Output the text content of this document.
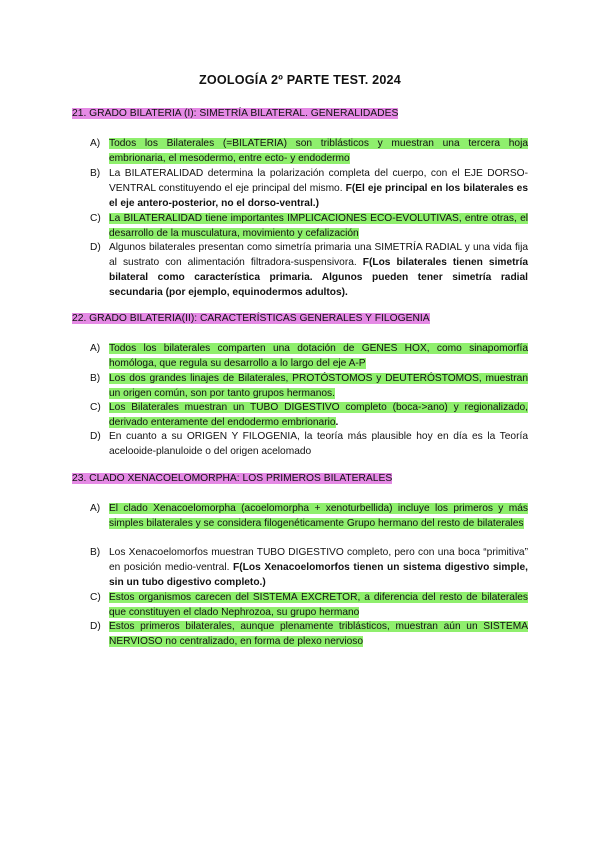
ZOOLOGÍA 2º PARTE TEST. 2024
21. GRADO BILATERIA (I): SIMETRÍA BILATERAL. GENERALIDADES
A) Todos los Bilaterales (=BILATERIA) son triblásticos y muestran una tercera hoja embrionaria, el mesodermo, entre ecto- y endodermo
B) La BILATERALIDAD determina la polarización completa del cuerpo, con el EJE DORSO- VENTRAL constituyendo el eje principal del mismo. F(El eje principal en los bilaterales es el eje antero-posterior, no el dorso-ventral.)
C) La BILATERALIDAD tiene importantes IMPLICACIONES ECO-EVOLUTIVAS, entre otras, el desarrollo de la musculatura, movimiento y cefalización
D) Algunos bilaterales presentan como simetría primaria una SIMETRÍA RADIAL y una vida fija al sustrato con alimentación filtradora-suspensivora. F(Los bilaterales tienen simetría bilateral como característica primaria. Algunos pueden tener simetría radial secundaria (por ejemplo, equinodermos adultos).
22. GRADO BILATERIA(II): CARACTERÍSTICAS GENERALES Y FILOGENIA
A) Todos los bilaterales comparten una dotación de GENES HOX, como sinapomorfía homóloga, que regula su desarrollo a lo largo del eje A-P
B) Los dos grandes linajes de Bilaterales, PROTÓSTOMOS y DEUTERÓSTOMOS, muestran un origen común, son por tanto grupos hermanos.
C) Los Bilaterales muestran un TUBO DIGESTIVO completo (boca->ano) y regionalizado, derivado enteramente del endodermo embrionario.
D) En cuanto a su ORIGEN Y FILOGENIA, la teoría más plausible hoy en día es la Teoría acelooide-planuloide o del origen acelomado
23. CLADO XENACOELOMORPHA: LOS PRIMEROS BILATERALES
A) El clado Xenacoelomorpha (acoelomorpha + xenoturbellida) incluye los primeros y más simples bilaterales y se considera filogenéticamente Grupo hermano del resto de bilaterales
B) Los Xenacoelomorfos muestran TUBO DIGESTIVO completo, pero con una boca “primitiva” en posición medio-ventral. F(Los Xenacoelomorfos tienen un sistema digestivo simple, sin un tubo digestivo completo.)
C) Estos organismos carecen del SISTEMA EXCRETOR, a diferencia del resto de bilaterales que constituyen el clado Nephrozoa, su grupo hermano
D) Estos primeros bilaterales, aunque plenamente triblásticos, muestran aún un SISTEMA NERVIOSO no centralizado, en forma de plexo nervioso
